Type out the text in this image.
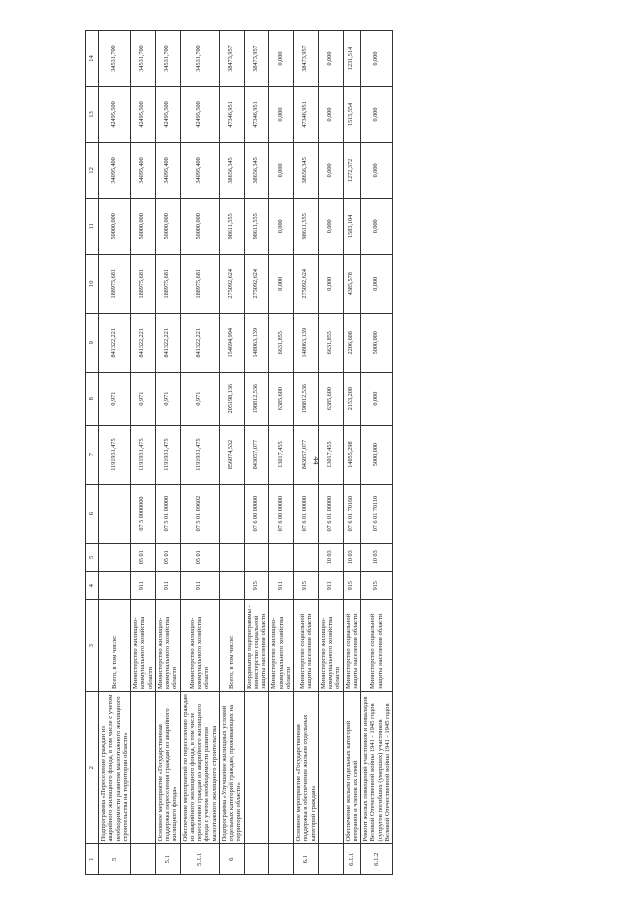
44
1	2	3	4	5	6	7	8	9	10	11	12	13	14
5	Подпрограмма «Переселение граждан из аварийного жилищного фонда, в том числе с учетом необходимости развития малоэтажного жилищного строительства на территории области»	Всего, в том числе:				1191931,475	0,971	841322,221	188975,681	50000,000	34095,400	42495,500	34531,700
		Министерство жилищно-коммунального хозяйства области	911	05 01	07 5 0000000	1191931,475	0,971	841322,221	188975,681	50000,000	34095,400	42495,500	34531,700
5.1	Основное мероприятие «Государственная поддержка переселения граждан из аварийного жилищного фонда»	Министерство жилищно-коммунального хозяйства области	911	05 01	07 5 01 00000	1191931,475	0,971	841322,221	188975,681	50000,000	34095,400	42495,500	34531,700
5.1.1	Обеспечение мероприятий по переселению граждан из аварийного жилищного фонда, в том числе переселению граждан из аварийного жилищного фонда с учетом необходимости развития малоэтажного жилищного строительства	Министерство жилищно-коммунального хозяйства области	911	05 01	07 5 01 09602	1191931,475	0,971	841322,221	188975,681	50000,000	34095,400	42495,500	34531,700
6	Подпрограмма «Улучшение жилищных условий отдельных категорий граждан, проживающих на территории области»	Всего, в том числе:				856074,532	205198,136	154694,994	275092,624	98611,555	38656,345	47346,951	38473,957
		Координатор подпрограммы - министерство социальной защиты населения области	915		07 6 00 00000	843057,077	198812,536	148063,139	275092,624	98611,555	38656,345	47346,951	38473,957
		Министерство жилищно-коммунального хозяйства области	911		07 6 00 00000	13017,455	6385,600	6631,855	0,000	0,000	0,000	0,000	0,000
6.1	Основное мероприятие «Государственная поддержка в обеспечении жильем отдельных категорий граждан»	Министерство социальной защиты населения области	915		07 6 01 00000	843057,077	198812,536	148063,139	275092,624	98611,555	38656,345	47346,951	38473,957
		Министерство жилищно-коммунального хозяйства области	911	10 03	07 6 01 00000	13017,455	6385,600	6631,855	0,000	0,000	0,000	0,000	0,000
6.1.1	Обеспечение жильем отдельных категорий ветеранов и членов их семей	Министерство социальной защиты населения области	915	10 03	07 6 01 70160	14055,298	2153,208	2206,608	4385,578	1583,104	1272,372	1515,554	1231,514
6.1.2	Ремонт жилых помещений участников и инвалидов Великой Отечественной войны 1941 - 1945 годов (супругов погибших (умерших) участников Великой Отечественной войны 1941 - 1945 годов	Министерство социальной защиты населения области	915	10 03	07 6 01 70110	5000,000	0,000	5000,000	0,000	0,000	0,000	0,000	0,000
